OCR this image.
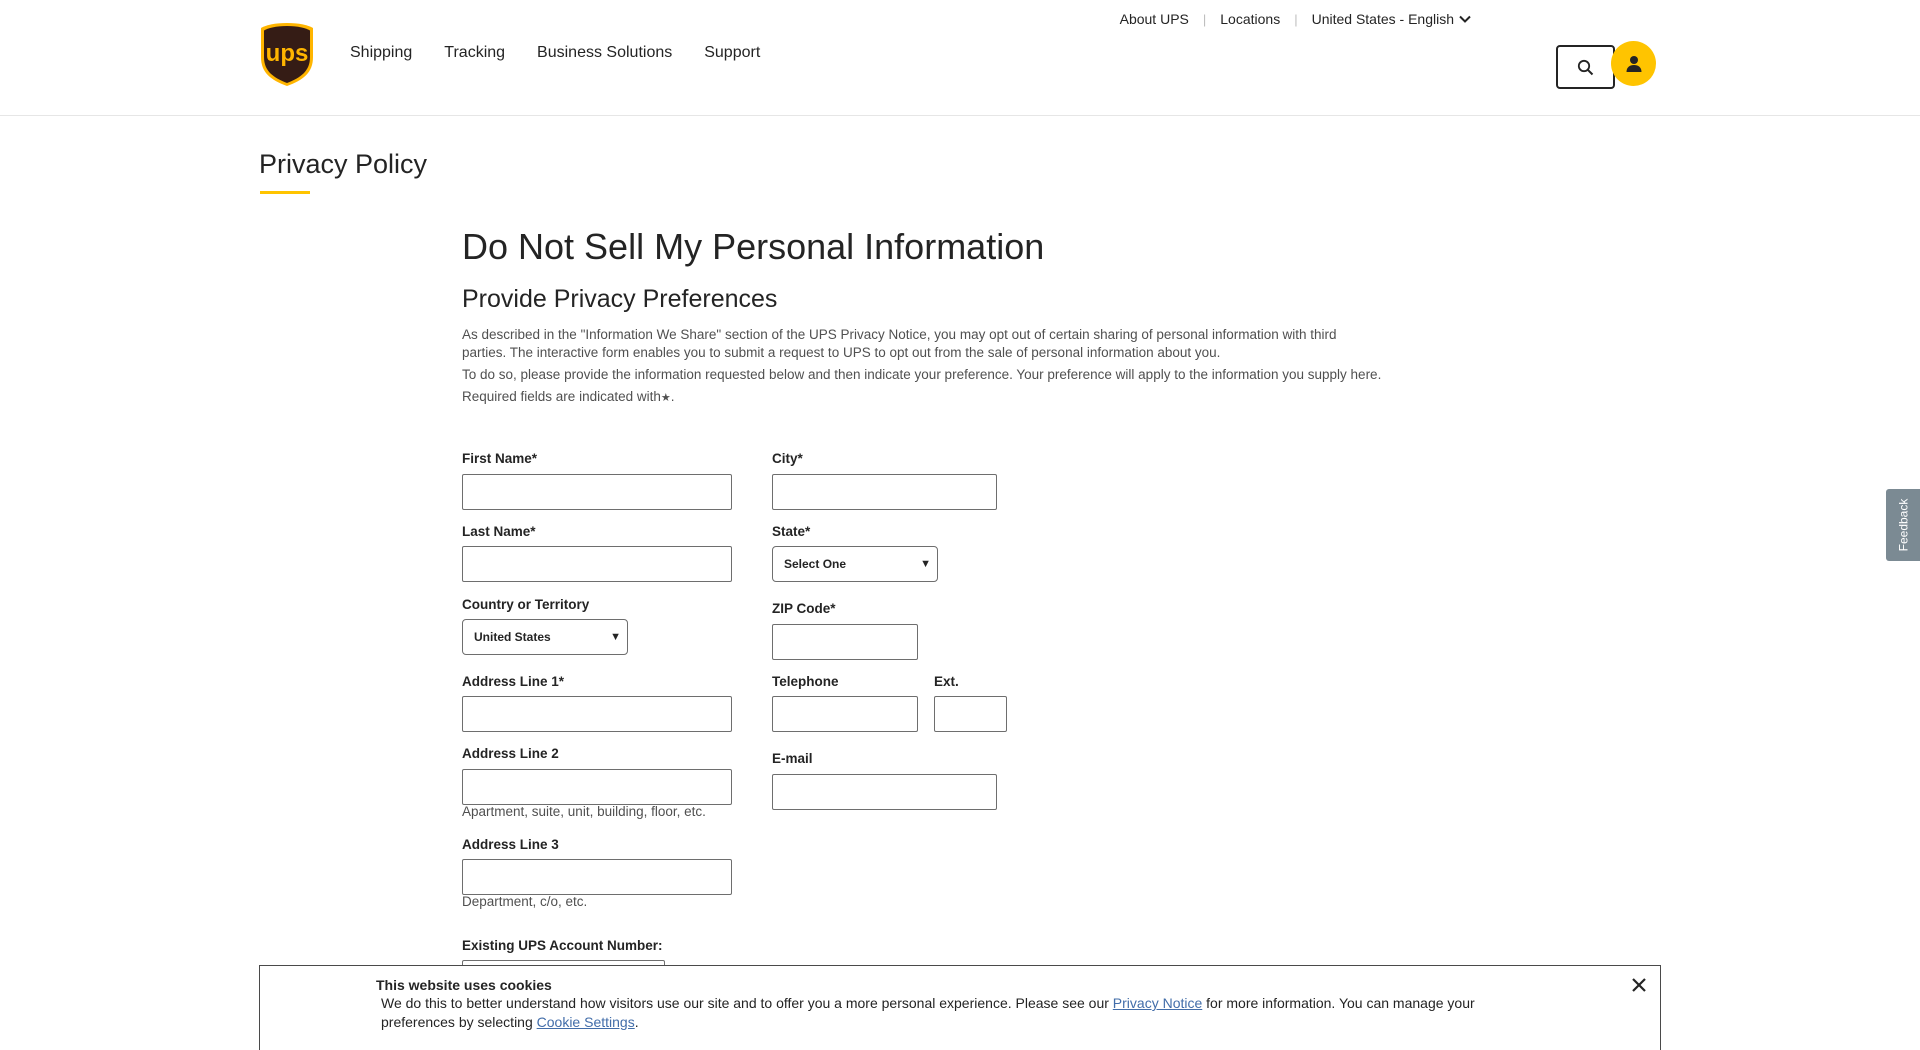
ups	Shipping Tracking Business Solutions Support
About UPS | Locations | United States - English
Privacy Policy
Do Not Sell My Personal Information
Provide Privacy Preferences

As described in the "Information We Share" section of the UPS Privacy Notice, you may opt out of certain sharing of personal information with third parties. The interactive form enables you to submit a request to UPS to opt out from the sale of personal information about you.

To do so, please provide the information requested below and then indicate your preference. Your preference will apply to the information you supply here.

Required fields are indicated with★.

First Name*
Last Name*
Country or Territory
United States	▼
Address Line 1*
Address Line 2
Apartment, suite, unit, building, floor, etc.
Address Line 3
Department, c/o, etc.
Existing UPS Account Number:
City*
State*
Select One	▼
ZIP Code*
Telephone	Ext.
E-mail
Feedback
This website uses cookies
We do this to better understand how visitors use our site and to offer you a more personal experience. Please see our Privacy Notice for more information. You can manage your preferences by selecting Cookie Settings.
